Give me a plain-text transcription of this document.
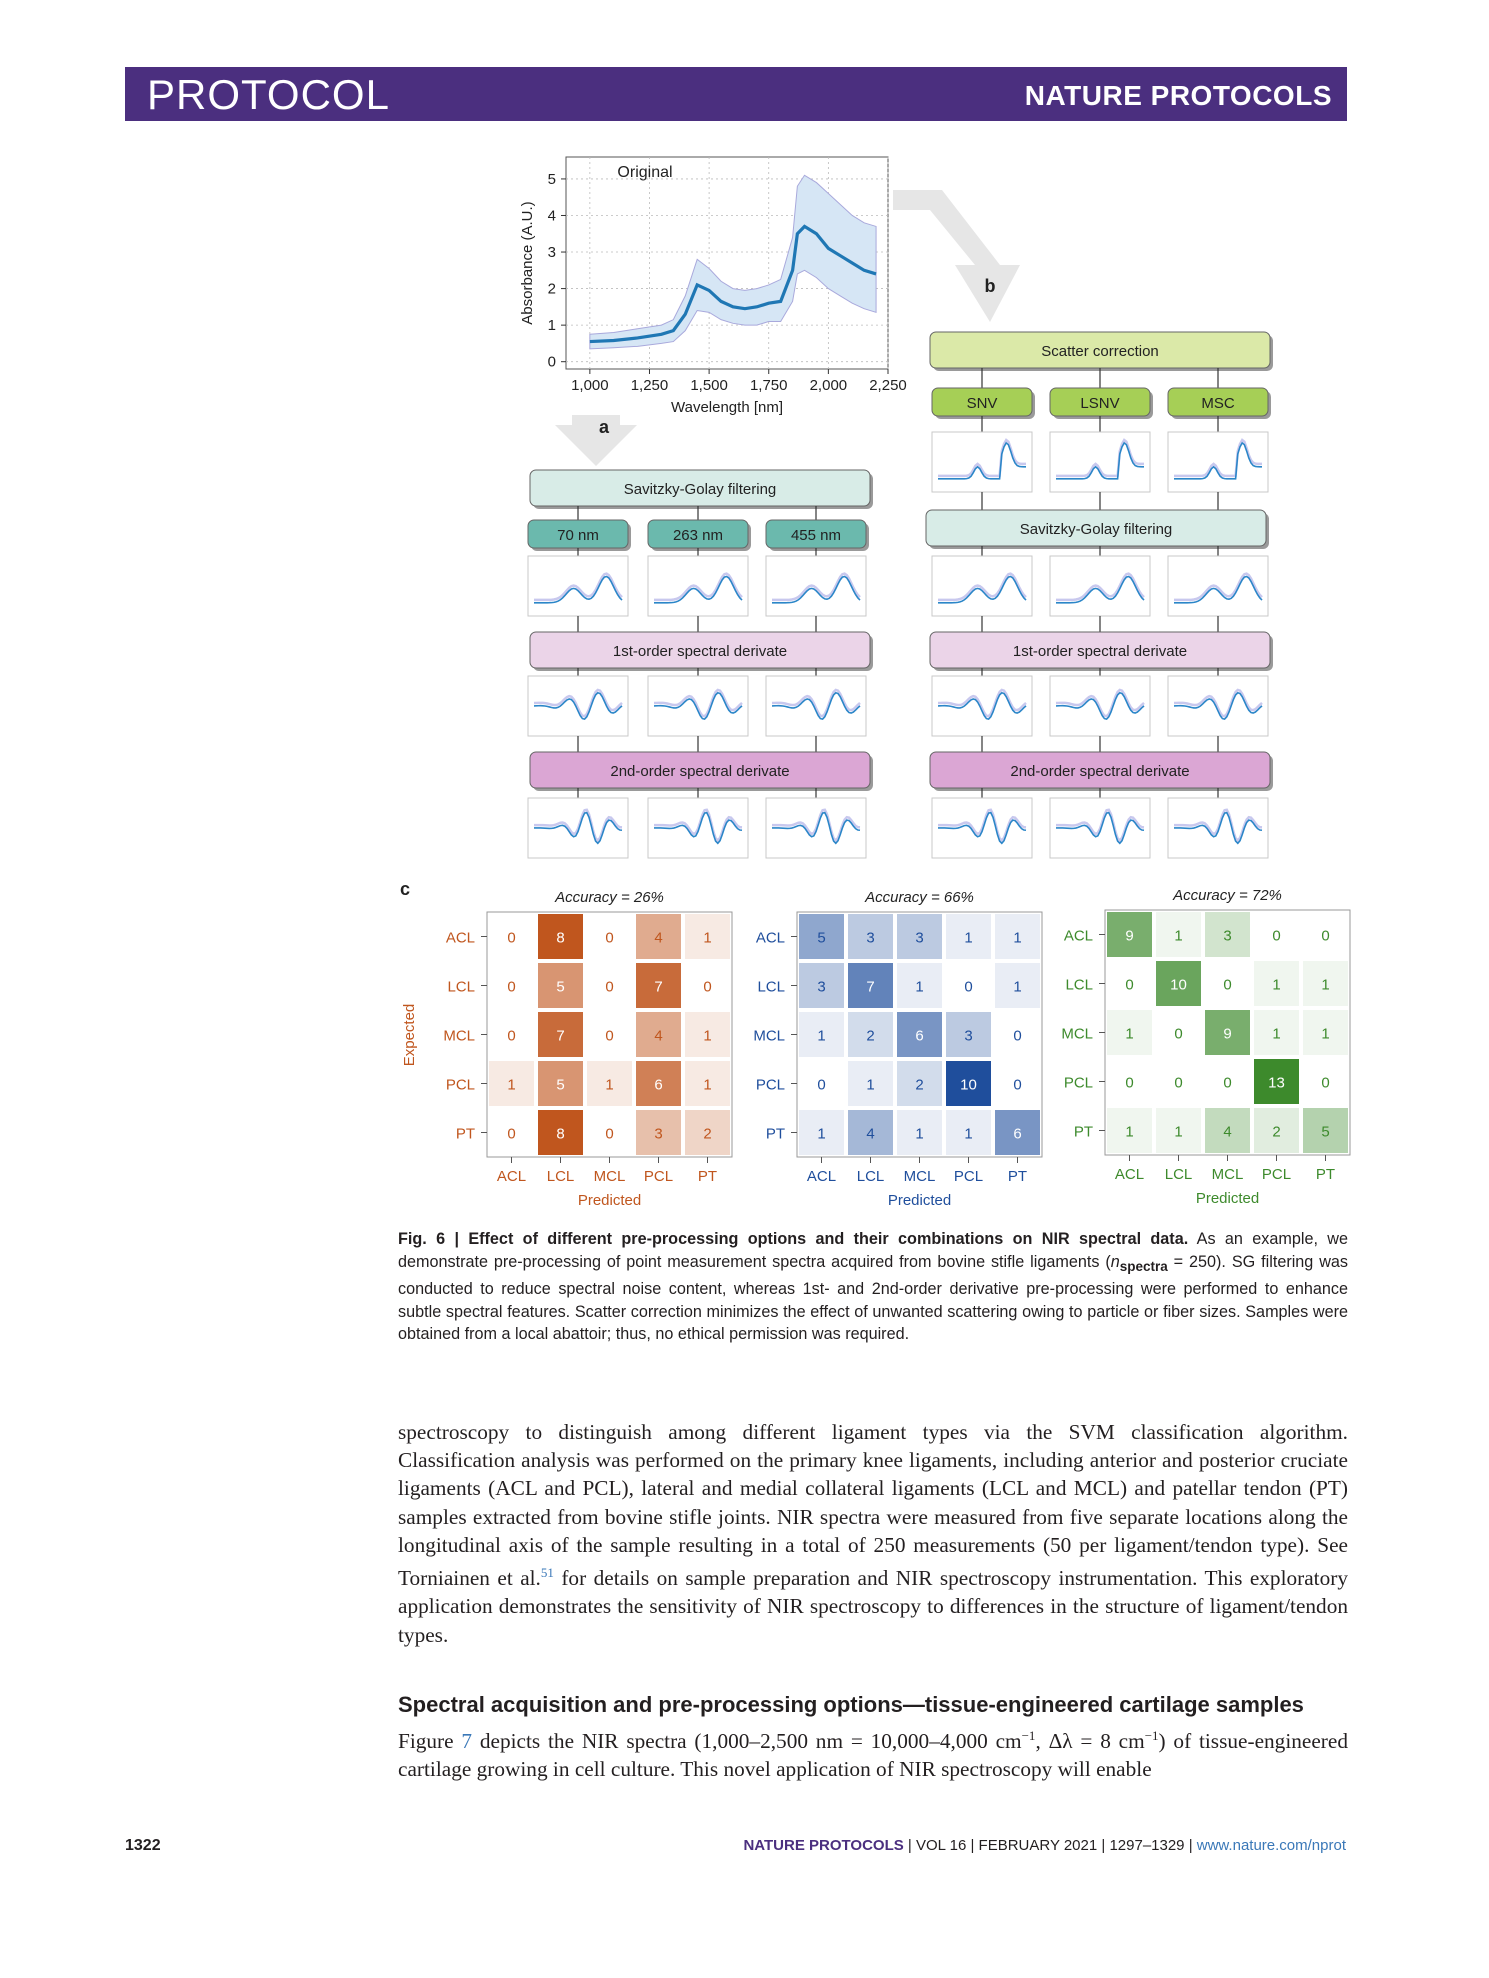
PROTOCOL	NATURE PROTOCOLS
1,000 1,250 1,500 1,750 2,000 2,250
0
1
2
3
4
5	Original
Wavelength [nm]
Absorbance (A.U.)
a
b
Savitzky-Golay filtering
70 nm	263 nm	455 nm
1st-order spectral derivate
2nd-order spectral derivate
Scatter correction
SNV	LSNV	MSC
Savitzky-Golay filtering
1st-order spectral derivate
2nd-order spectral derivate
c
Expected
Accuracy = 26%
0	8	0	4	1
ACL
0	5	0	7	0
LCL
0	7	0	4	1
MCL
1	5	1	6	1
PCL
0	8	0	3	2
PT
ACL LCL MCL PCL PT
Predicted
Accuracy = 66%
5	3	3	1	1
ACL
3	7	1	0	1
LCL
1	2	6	3	0
MCL
0	1	2 10 0
PCL
1	4	1	1	6
PT
ACL LCL MCL PCL PT
Predicted
Accuracy = 72%
9	1	3	0	0
ACL
0 10 0	1	1
LCL
1	0	9	1	1
MCL
0	0	0 13 0
PCL
1	1	4	2	5
PT
ACL LCL MCL PCL PT
Predicted
Fig. 6 | Effect of different pre-processing options and their combinations on NIR spectral data. As an example, we demonstrate pre-processing of point measurement spectra acquired from bovine stifle ligaments $(n_{spectra} = 250)$. SG filtering was conducted to reduce spectral noise content, whereas 1st- and 2nd-order derivative pre-processing were performed to enhance subtle spectral features. Scatter correction minimizes the effect of unwanted scattering owing to particle or fiber sizes. Samples were obtained from a local abattoir; thus, no ethical permission was required.

spectroscopy to distinguish among different ligament types via the SVM classification algorithm. Classification analysis was performed on the primary knee ligaments, including anterior and posterior cruciate ligaments (ACL and PCL), lateral and medial collateral ligaments (LCL and MCL) and patellar tendon (PT) samples extracted from bovine stifle joints. NIR spectra were measured from five separate locations along the longitudinal axis of the sample resulting in a total of 250 measurements (50 per ligament/tendon type). See Torniainen et al.$^{51}$ for details on sample preparation and NIR spectroscopy instrumentation. This exploratory application demonstrates the sensitivity of NIR spectroscopy to differences in the structure of ligament/tendon types.

Spectral acquisition and pre-processing options—tissue-engineered cartilage samples

Figure 7 depicts the NIR spectra (1,000–2,500 nm = 10,000–4,000 $cm^{-1}$, Δλ = 8 $cm^{-1}$) of tissue-engineered cartilage growing in cell culture. This novel application of NIR spectroscopy will enable

1322	NATURE PROTOCOLS | VOL 16 | FEBRUARY 2021 | 1297–1329 | www.nature.com/nprot
